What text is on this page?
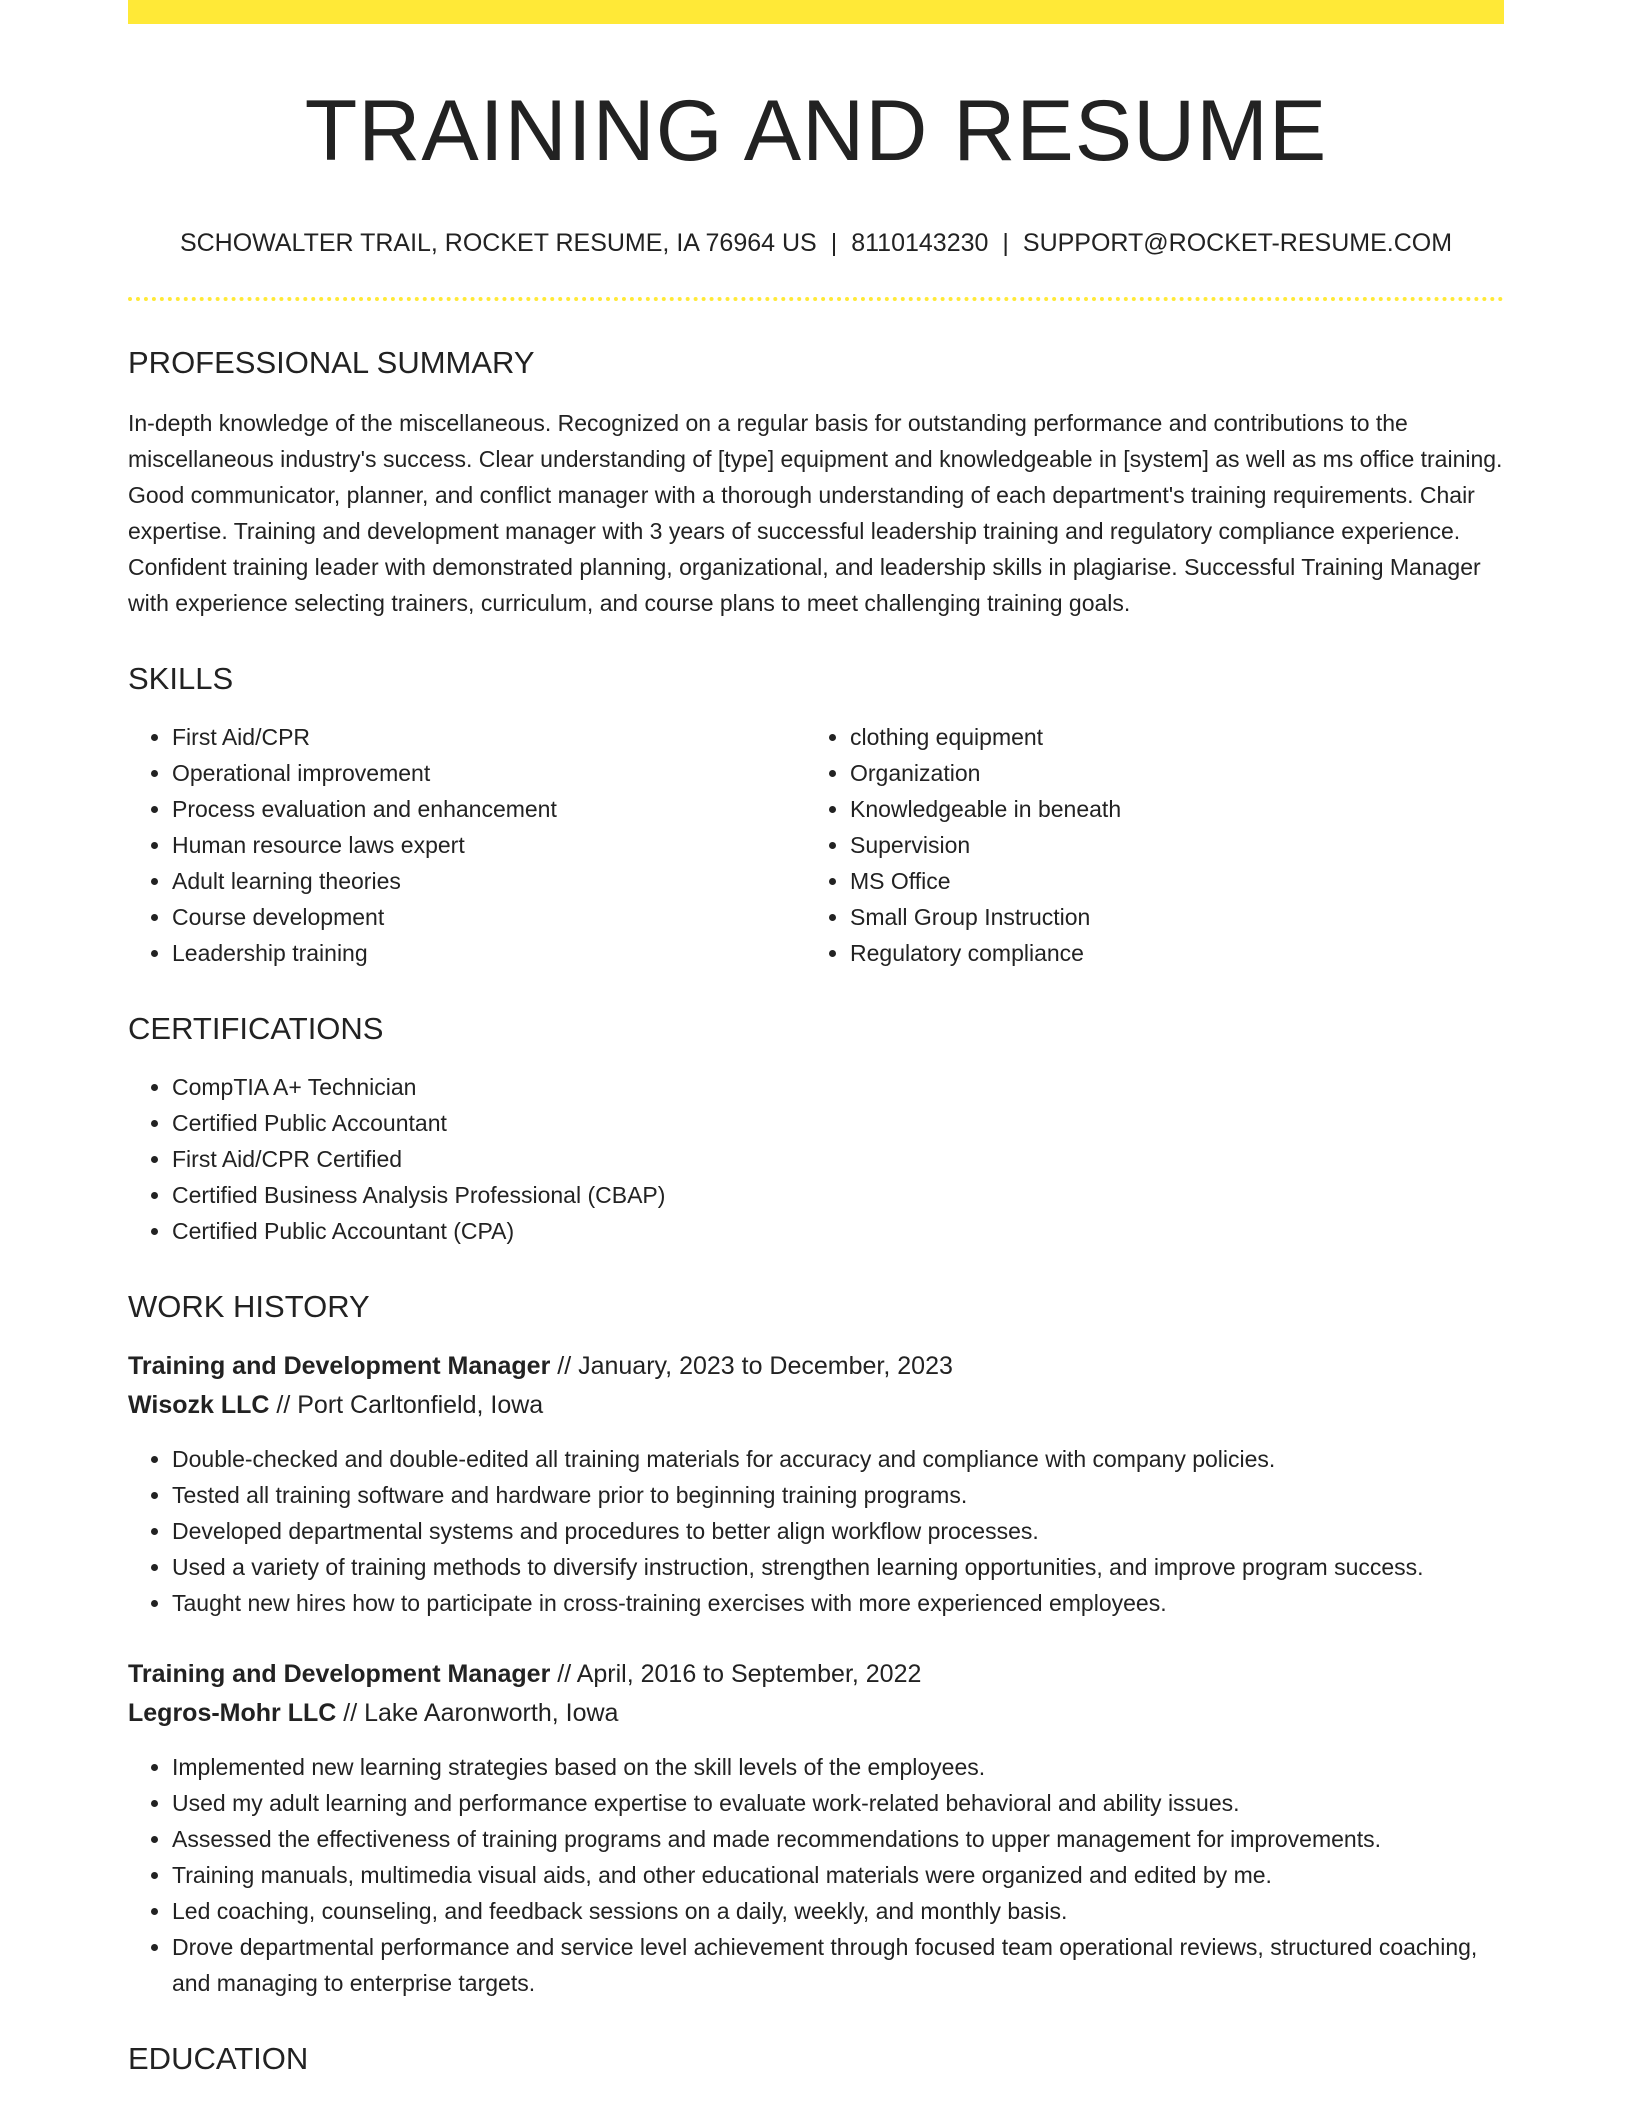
TRAINING AND RESUME
SCHOWALTER TRAIL, ROCKET RESUME, IA 76964 US | 8110143230 | SUPPORT@ROCKET-RESUME.COM
PROFESSIONAL SUMMARY
In-depth knowledge of the miscellaneous. Recognized on a regular basis for outstanding performance and contributions to the miscellaneous industry's success. Clear understanding of [type] equipment and knowledgeable in [system] as well as ms office training. Good communicator, planner, and conflict manager with a thorough understanding of each department's training requirements. Chair expertise. Training and development manager with 3 years of successful leadership training and regulatory compliance experience. Confident training leader with demonstrated planning, organizational, and leadership skills in plagiarise. Successful Training Manager with experience selecting trainers, curriculum, and course plans to meet challenging training goals.
SKILLS
• First Aid/CPR
• Operational improvement
• Process evaluation and enhancement
• Human resource laws expert
• Adult learning theories
• Course development
• Leadership training
• clothing equipment
• Organization
• Knowledgeable in beneath
• Supervision
• MS Office
• Small Group Instruction
• Regulatory compliance
CERTIFICATIONS
• CompTIA A+ Technician
• Certified Public Accountant
• First Aid/CPR Certified
• Certified Business Analysis Professional (CBAP)
• Certified Public Accountant (CPA)
WORK HISTORY
Training and Development Manager // January, 2023 to December, 2023
Wisozk LLC // Port Carltonfield, Iowa
• Double-checked and double-edited all training materials for accuracy and compliance with company policies.
• Tested all training software and hardware prior to beginning training programs.
• Developed departmental systems and procedures to better align workflow processes.
• Used a variety of training methods to diversify instruction, strengthen learning opportunities, and improve program success.
• Taught new hires how to participate in cross-training exercises with more experienced employees.
Training and Development Manager // April, 2016 to September, 2022
Legros-Mohr LLC // Lake Aaronworth, Iowa
• Implemented new learning strategies based on the skill levels of the employees.
• Used my adult learning and performance expertise to evaluate work-related behavioral and ability issues.
• Assessed the effectiveness of training programs and made recommendations to upper management for improvements.
• Training manuals, multimedia visual aids, and other educational materials were organized and edited by me.
• Led coaching, counseling, and feedback sessions on a daily, weekly, and monthly basis.
• Drove departmental performance and service level achievement through focused team operational reviews, structured coaching, and managing to enterprise targets.
EDUCATION
